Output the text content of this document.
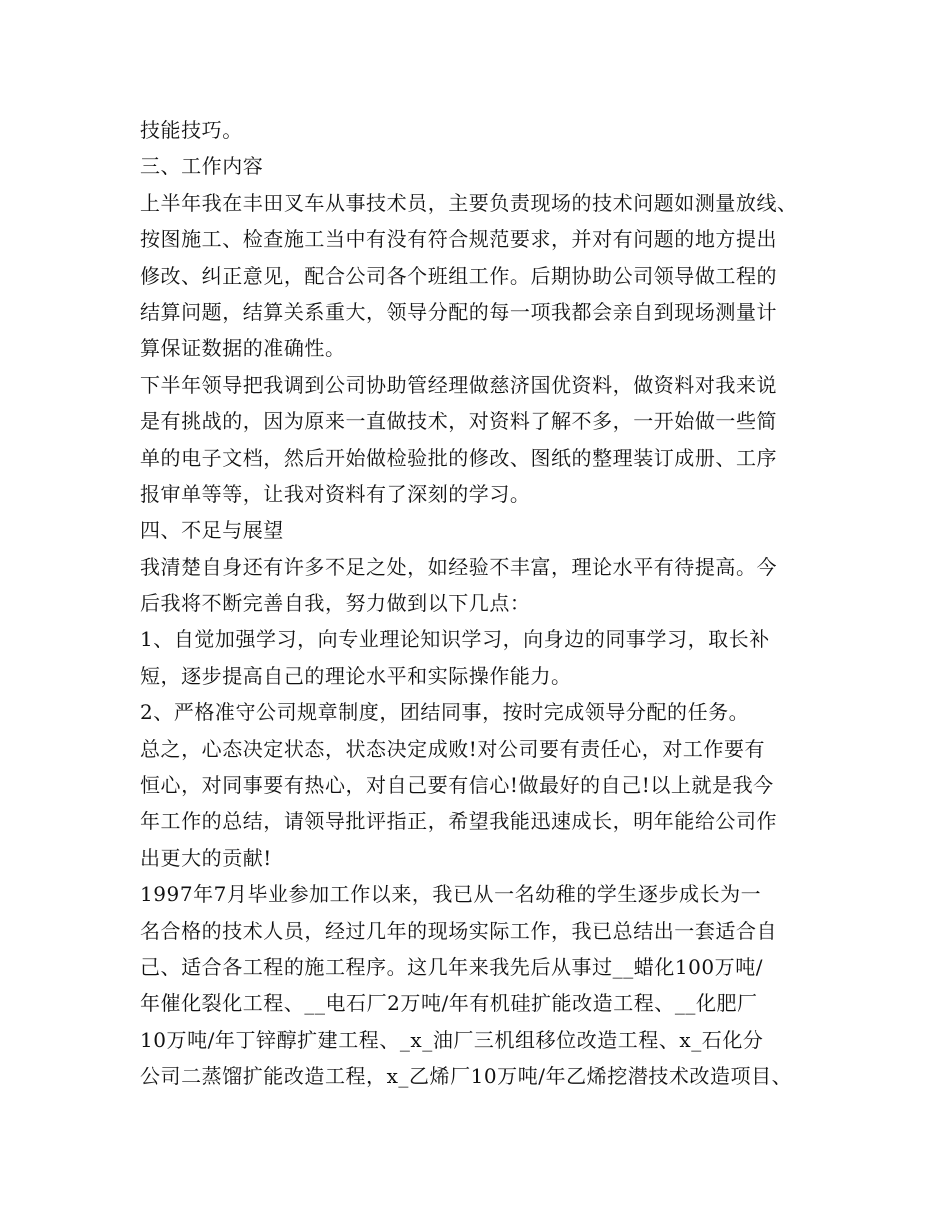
技能技巧。
三、工作内容
上半年我在丰田叉车从事技术员，主要负责现场的技术问题如测量放线、
按图施工、检查施工当中有没有符合规范要求，并对有问题的地方提出
修改、纠正意见，配合公司各个班组工作。后期协助公司领导做工程的
结算问题，结算关系重大，领导分配的每一项我都会亲自到现场测量计
算保证数据的准确性。
下半年领导把我调到公司协助管经理做慈济国优资料，做资料对我来说
是有挑战的，因为原来一直做技术，对资料了解不多，一开始做一些简
单的电子文档，然后开始做检验批的修改、图纸的整理装订成册、工序
报审单等等，让我对资料有了深刻的学习。
四、不足与展望
我清楚自身还有许多不足之处，如经验不丰富，理论水平有待提高。今
后我将不断完善自我，努力做到以下几点：
1、自觉加强学习，向专业理论知识学习，向身边的同事学习，取长补
短，逐步提高自己的理论水平和实际操作能力。
2、严格准守公司规章制度，团结同事，按时完成领导分配的任务。
总之，心态决定状态，状态决定成败!对公司要有责任心，对工作要有
恒心，对同事要有热心，对自己要有信心!做最好的自己!以上就是我今
年工作的总结，请领导批评指正，希望我能迅速成长，明年能给公司作
出更大的贡献!
1997年7月毕业参加工作以来，我已从一名幼稚的学生逐步成长为一
名合格的技术人员，经过几年的现场实际工作，我已总结出一套适合自
己、适合各工程的施工程序。这几年来我先后从事过__蜡化100万吨/
年催化裂化工程、__电石厂2万吨/年有机硅扩能改造工程、__化肥厂
10万吨/年丁锌醇扩建工程、_x_油厂三机组移位改造工程、x_石化分
公司二蒸馏扩能改造工程，x_乙烯厂10万吨/年乙烯挖潜技术改造项目、
